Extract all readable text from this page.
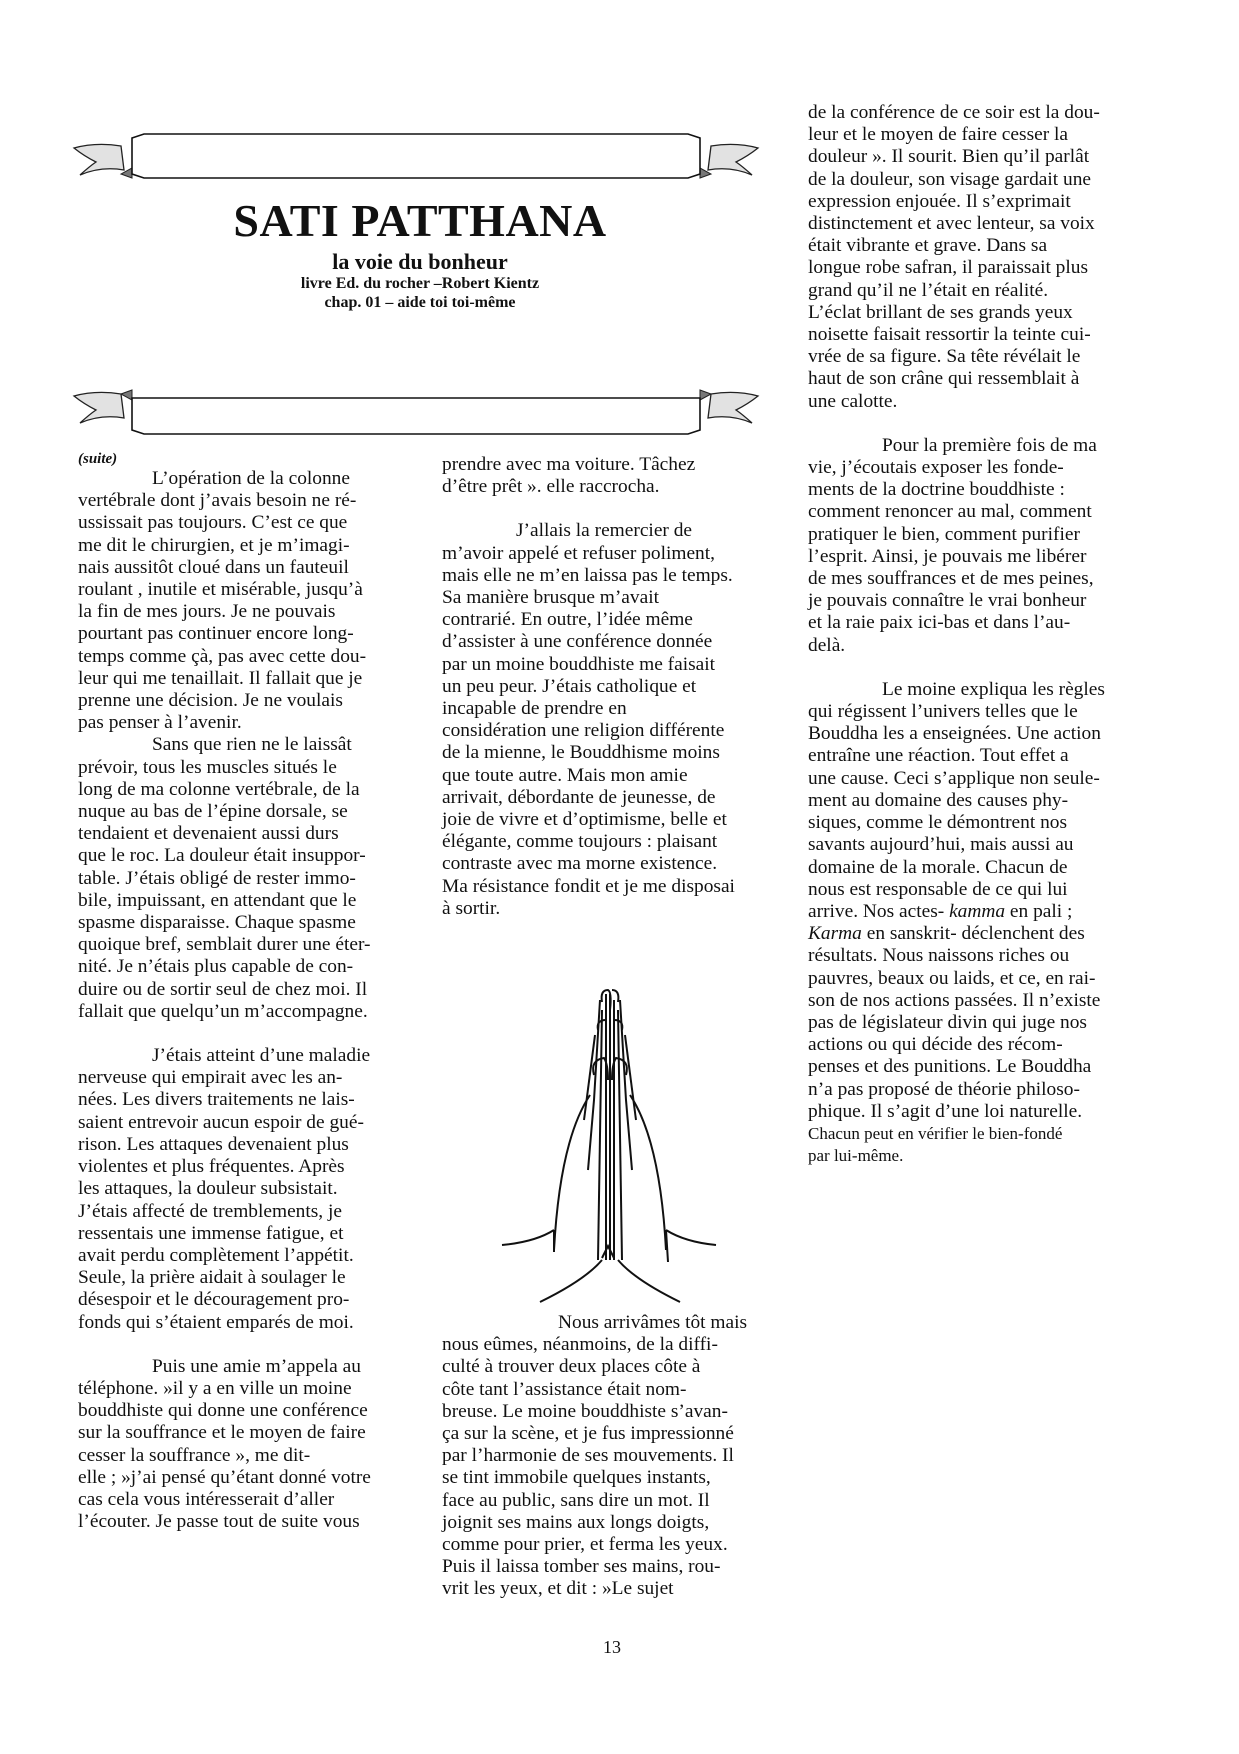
SATI PATTHANA
la voie du bonheur
livre Ed. du rocher –Robert Kientz
chap. 01 – aide toi toi-même
(suite)
L’opération de la colonne
vertébrale dont j’avais besoin ne ré-
ussissait pas toujours. C’est ce que
me dit le chirurgien, et je m’imagi-
nais aussitôt cloué dans un fauteuil
roulant , inutile et misérable, jusqu’à
la fin de mes jours. Je ne pouvais
pourtant pas continuer encore long-
temps comme çà, pas avec cette dou-
leur qui me tenaillait. Il fallait que je
prenne une décision. Je ne voulais
pas penser à l’avenir.
Sans que rien ne le laissât
prévoir, tous les muscles situés le
long de ma colonne vertébrale, de la
nuque au bas de l’épine dorsale, se
tendaient et devenaient aussi durs
que le roc. La douleur était insuppor-
table. J’étais obligé de rester immo-
bile, impuissant, en attendant que le
spasme disparaisse. Chaque spasme
quoique bref, semblait durer une éter-
nité. Je n’étais plus capable de con-
duire ou de sortir seul de chez moi. Il
fallait que quelqu’un m’accompagne.
J’étais atteint d’une maladie
nerveuse qui empirait avec les an-
nées. Les divers traitements ne lais-
saient entrevoir aucun espoir de gué-
rison. Les attaques devenaient plus
violentes et plus fréquentes. Après
les attaques, la douleur subsistait.
J’étais affecté de tremblements, je
ressentais une immense fatigue, et
avait perdu complètement l’appétit.
Seule, la prière aidait à soulager le
désespoir et le découragement pro-
fonds qui s’étaient emparés de moi.
Puis une amie m’appela au
téléphone. »il y a en ville un moine
bouddhiste qui donne une conférence
sur la souffrance et le moyen de faire
cesser la souffrance », me dit-
elle ; »j’ai pensé qu’étant donné votre
cas cela vous intéresserait d’aller
l’écouter. Je passe tout de suite vous
prendre avec ma voiture. Tâchez
d’être prêt ». elle raccrocha.
J’allais la remercier de
m’avoir appelé et refuser poliment,
mais elle ne m’en laissa pas le temps.
Sa manière brusque m’avait
contrarié. En outre, l’idée même
d’assister à une conférence donnée
par un moine bouddhiste me faisait
un peu peur. J’étais catholique et
incapable de prendre en
considération une religion différente
de la mienne, le Bouddhisme moins
que toute autre. Mais mon amie
arrivait, débordante de jeunesse, de
joie de vivre et d’optimisme, belle et
élégante, comme toujours : plaisant
contraste avec ma morne existence.
Ma résistance fondit et je me disposai
à sortir.
Nous arrivâmes tôt mais
nous eûmes, néanmoins, de la diffi-
culté à trouver deux places côte à
côte tant l’assistance était nom-
breuse. Le moine bouddhiste s’avan-
ça sur la scène, et je fus impressionné
par l’harmonie de ses mouvements. Il
se tint immobile quelques instants,
face au public, sans dire un mot. Il
joignit ses mains aux longs doigts,
comme pour prier, et ferma les yeux.
Puis il laissa tomber ses mains, rou-
vrit les yeux, et dit : »Le sujet
de la conférence de ce soir est la dou-
leur et le moyen de faire cesser la
douleur ». Il sourit. Bien qu’il parlât
de la douleur, son visage gardait une
expression enjouée. Il s’exprimait
distinctement et avec lenteur, sa voix
était vibrante et grave. Dans sa
longue robe safran, il paraissait plus
grand qu’il ne l’était en réalité.
L’éclat brillant de ses grands yeux
noisette faisait ressortir la teinte cui-
vrée de sa figure. Sa tête révélait le
haut de son crâne qui ressemblait à
une calotte.
Pour la première fois de ma
vie, j’écoutais exposer les fonde-
ments de la doctrine bouddhiste :
comment renoncer au mal, comment
pratiquer le bien, comment purifier
l’esprit. Ainsi, je pouvais me libérer
de mes souffrances et de mes peines,
je pouvais connaître le vrai bonheur
et la raie paix ici-bas et dans l’au-
delà.
Le moine expliqua les règles
qui régissent l’univers telles que le
Bouddha les a enseignées. Une action
entraîne une réaction. Tout effet a
une cause. Ceci s’applique non seule-
ment au domaine des causes phy-
siques, comme le démontrent nos
savants aujourd’hui, mais aussi au
domaine de la morale. Chacun de
nous est responsable de ce qui lui
arrive. Nos actes- kamma en pali ;
Karma en sanskrit- déclenchent des
résultats. Nous naissons riches ou
pauvres, beaux ou laids, et ce, en rai-
son de nos actions passées. Il n’existe
pas de législateur divin qui juge nos
actions ou qui décide des récom-
penses et des punitions. Le Bouddha
n’a pas proposé de théorie philoso-
phique. Il s’agit d’une loi naturelle.
Chacun peut en vérifier le bien-fondé
par lui-même.
13
